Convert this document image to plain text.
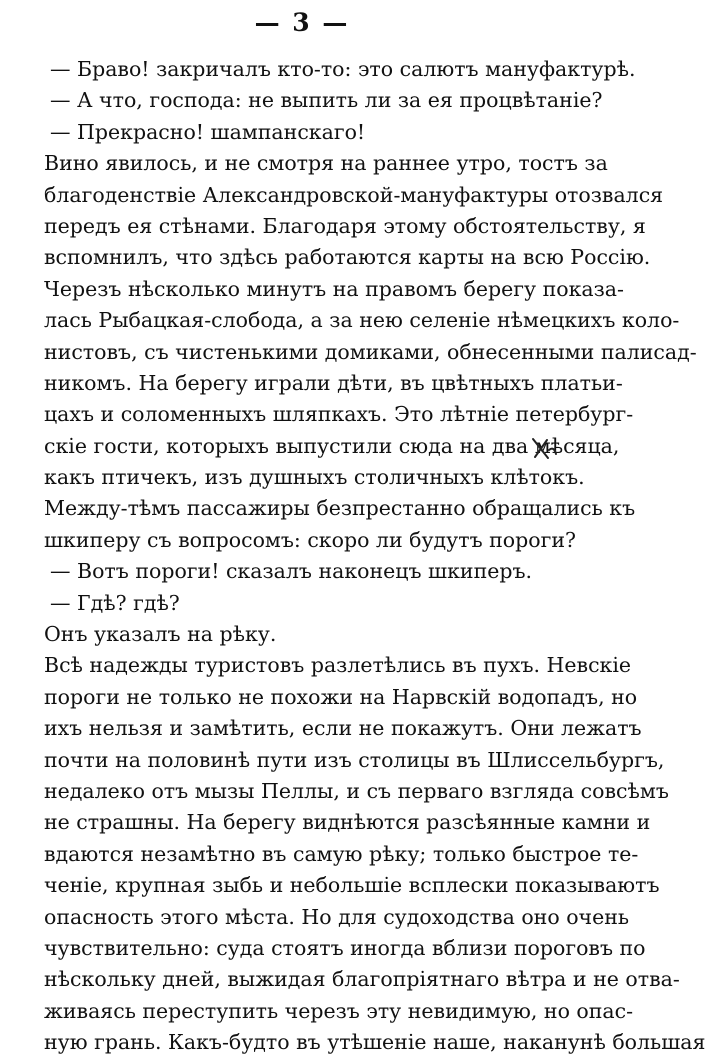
— 3 —
— Браво! закричалъ кто-то: это салютъ мануфактурѣ.
— А что, господа: не выпить ли за ея процвѣтаніе?
— Прекрасно! шампанскаго!
Вино явилось, и не смотря на раннее утро, тостъ за
благоденствіе Александровской-мануфактуры отозвался
передъ ея стѣнами. Благодаря этому обстоятельству, я
вспомнилъ, что здѣсь работаются карты на всю Россію.
Черезъ нѣсколько минутъ на правомъ берегу показа-
лась Рыбацкая-слобода, а за нею селеніе нѣмецкихъ коло-
нистовъ, съ чистенькими домиками, обнесенными палисад-
никомъ. На берегу играли дѣти, въ цвѣтныхъ платьи-
цахъ и соломенныхъ шляпкахъ. Это лѣтніе петербург-
скіе гости, которыхъ выпустили сюда на два мѣсяца,
какъ птичекъ, изъ душныхъ столичныхъ клѣтокъ.
Между-тѣмъ пассажиры безпрестанно обращались къ
шкиперу съ вопросомъ: скоро ли будутъ пороги?
— Вотъ пороги! сказалъ наконецъ шкиперъ.
— Гдѣ? гдѣ?
Онъ указалъ на рѣку.
Всѣ надежды туристовъ разлетѣлись въ пухъ. Невскіе
пороги не только не похожи на Нарвскій водопадъ, но
ихъ нельзя и замѣтить, если не покажутъ. Они лежатъ
почти на половинѣ пути изъ столицы въ Шлиссельбургъ,
недалеко отъ мызы Пеллы, и съ перваго взгляда совсѣмъ
не страшны. На берегу виднѣются разсѣянные камни и
вдаются незамѣтно въ самую рѣку; только быстрое те-
ченіе, крупная зыбь и небольшіе всплески показываютъ
опасность этого мѣста. Но для судоходства оно очень
чувствительно: суда стоятъ иногда вблизи пороговъ по
нѣскольку дней, выжидая благопріятнаго вѣтра и не отва-
живаясь переступить черезъ эту невидимую, но опас-
ную грань. Какъ-будто въ утѣшеніе наше, наканунѣ большая
